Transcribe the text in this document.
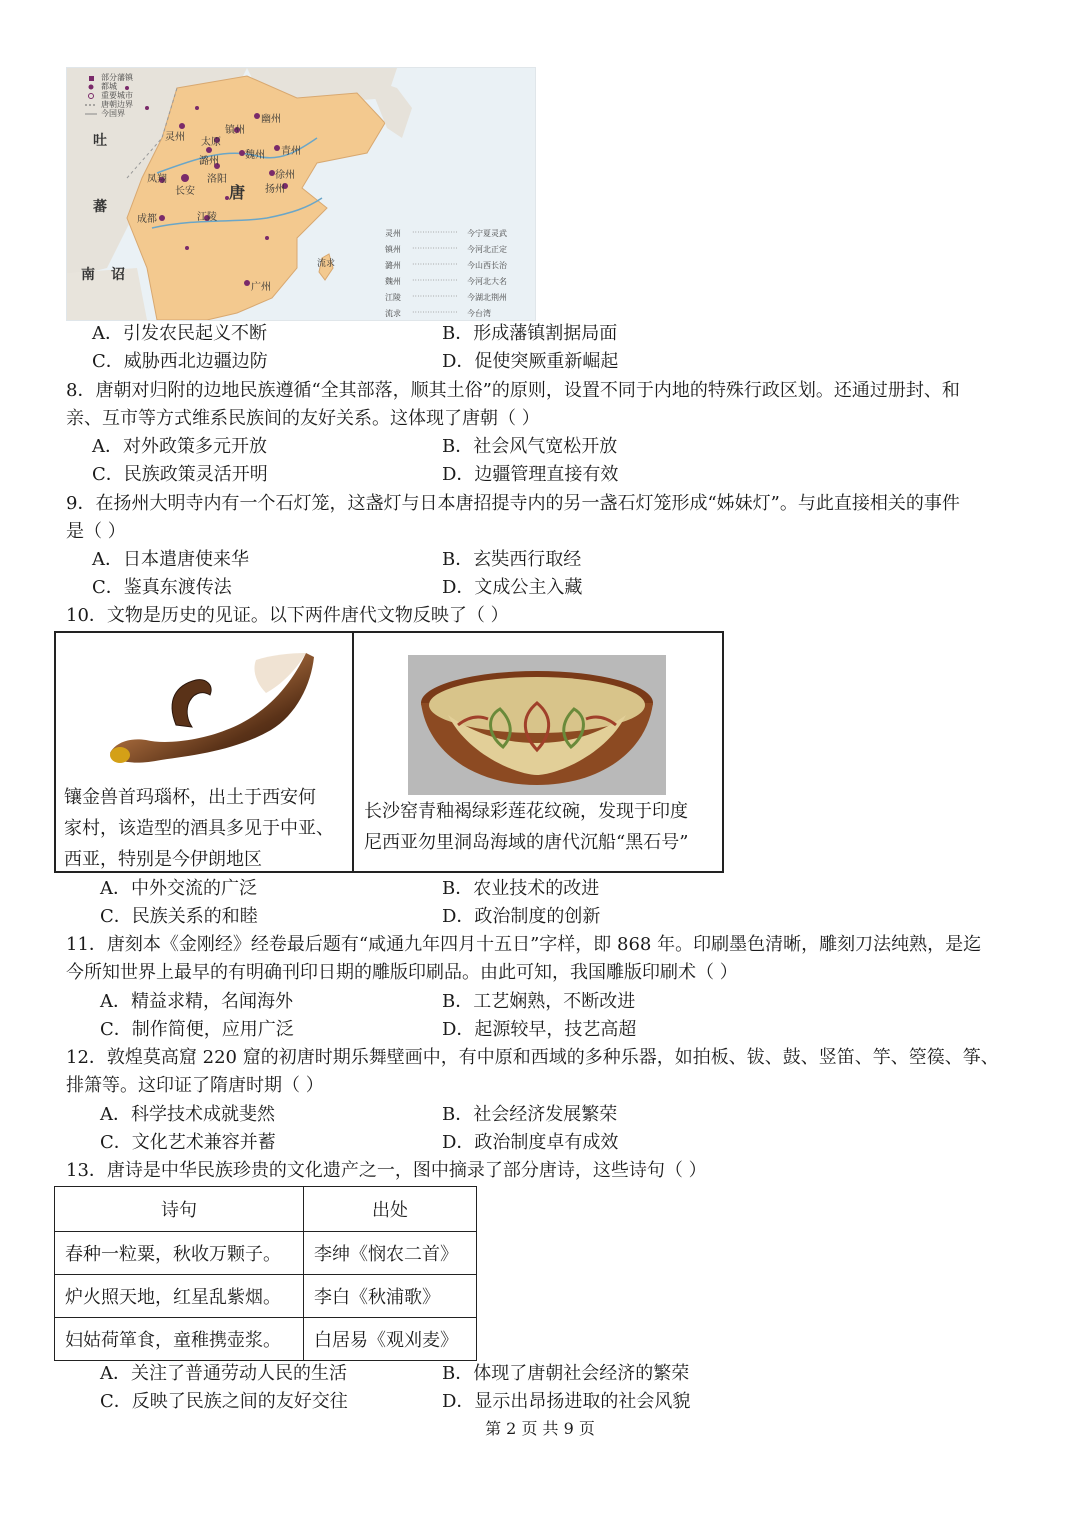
部分藩镇
都城
重要城市
唐朝边界
今国界
吐
蕃
南 诏
唐
流求
幽州
镇州
太原
灵州
长安
凤翔	洛阳
潞州
魏州 青州
徐州
扬州
成都	江陵
广州
灵州 ·················· 今宁夏灵武
镇州 ·················· 今河北正定
潞州 ·················· 今山西长治
魏州 ·················· 今河北大名
江陵 ·················· 今湖北荆州
流求 ·················· 今台湾
A．引发农民起义不断	B．形成藩镇割据局面
C．威胁西北边疆边防	D．促使突厥重新崛起
8．唐朝对归附的边地民族遵循“全其部落，顺其土俗”的原则，设置不同于内地的特殊行政区划。还通过册封、和
亲、互市等方式维系民族间的友好关系。这体现了唐朝（ ）
A．对外政策多元开放	B．社会风气宽松开放
C．民族政策灵活开明	D．边疆管理直接有效
9．在扬州大明寺内有一个石灯笼，这盏灯与日本唐招提寺内的另一盏石灯笼形成“姊妹灯”。与此直接相关的事件
是（ ）
A．日本遣唐使来华	B．玄奘西行取经
C．鉴真东渡传法	D．文成公主入藏
10．文物是历史的见证。以下两件唐代文物反映了（ ）
镶金兽首玛瑙杯，出土于西安何
家村，该造型的酒具多见于中亚、
西亚，特别是今伊朗地区
长沙窑青釉褐绿彩莲花纹碗，发现于印度
尼西亚勿里洞岛海域的唐代沉船“黑石号”
A．中外交流的广泛	B．农业技术的改进
C．民族关系的和睦	D．政治制度的创新
11．唐刻本《金刚经》经卷最后题有“咸通九年四月十五日”字样，即 868 年。印刷墨色清晰，雕刻刀法纯熟，是迄
今所知世界上最早的有明确刊印日期的雕版印刷品。由此可知，我国雕版印刷术（ ）
A．精益求精，名闻海外	B．工艺娴熟，不断改进
C．制作简便，应用广泛	D．起源较早，技艺高超
12．敦煌莫高窟 220 窟的初唐时期乐舞壁画中，有中原和西域的多种乐器，如拍板、钹、鼓、竖笛、竽、箜篌、筝、
排箫等。这印证了隋唐时期（ ）
A．科学技术成就斐然	B．社会经济发展繁荣
C．文化艺术兼容并蓄	D．政治制度卓有成效
13．唐诗是中华民族珍贵的文化遗产之一，图中摘录了部分唐诗，这些诗句（ ）
诗句	出处
春种一粒粟，秋收万颗子。	李绅《悯农二首》
炉火照天地，红星乱紫烟。	李白《秋浦歌》
妇姑荷箪食，童稚携壶浆。	白居易《观刈麦》
A．关注了普通劳动人民的生活	B．体现了唐朝社会经济的繁荣
C．反映了民族之间的友好交往	D．显示出昂扬进取的社会风貌
第 2 页 共 9 页
